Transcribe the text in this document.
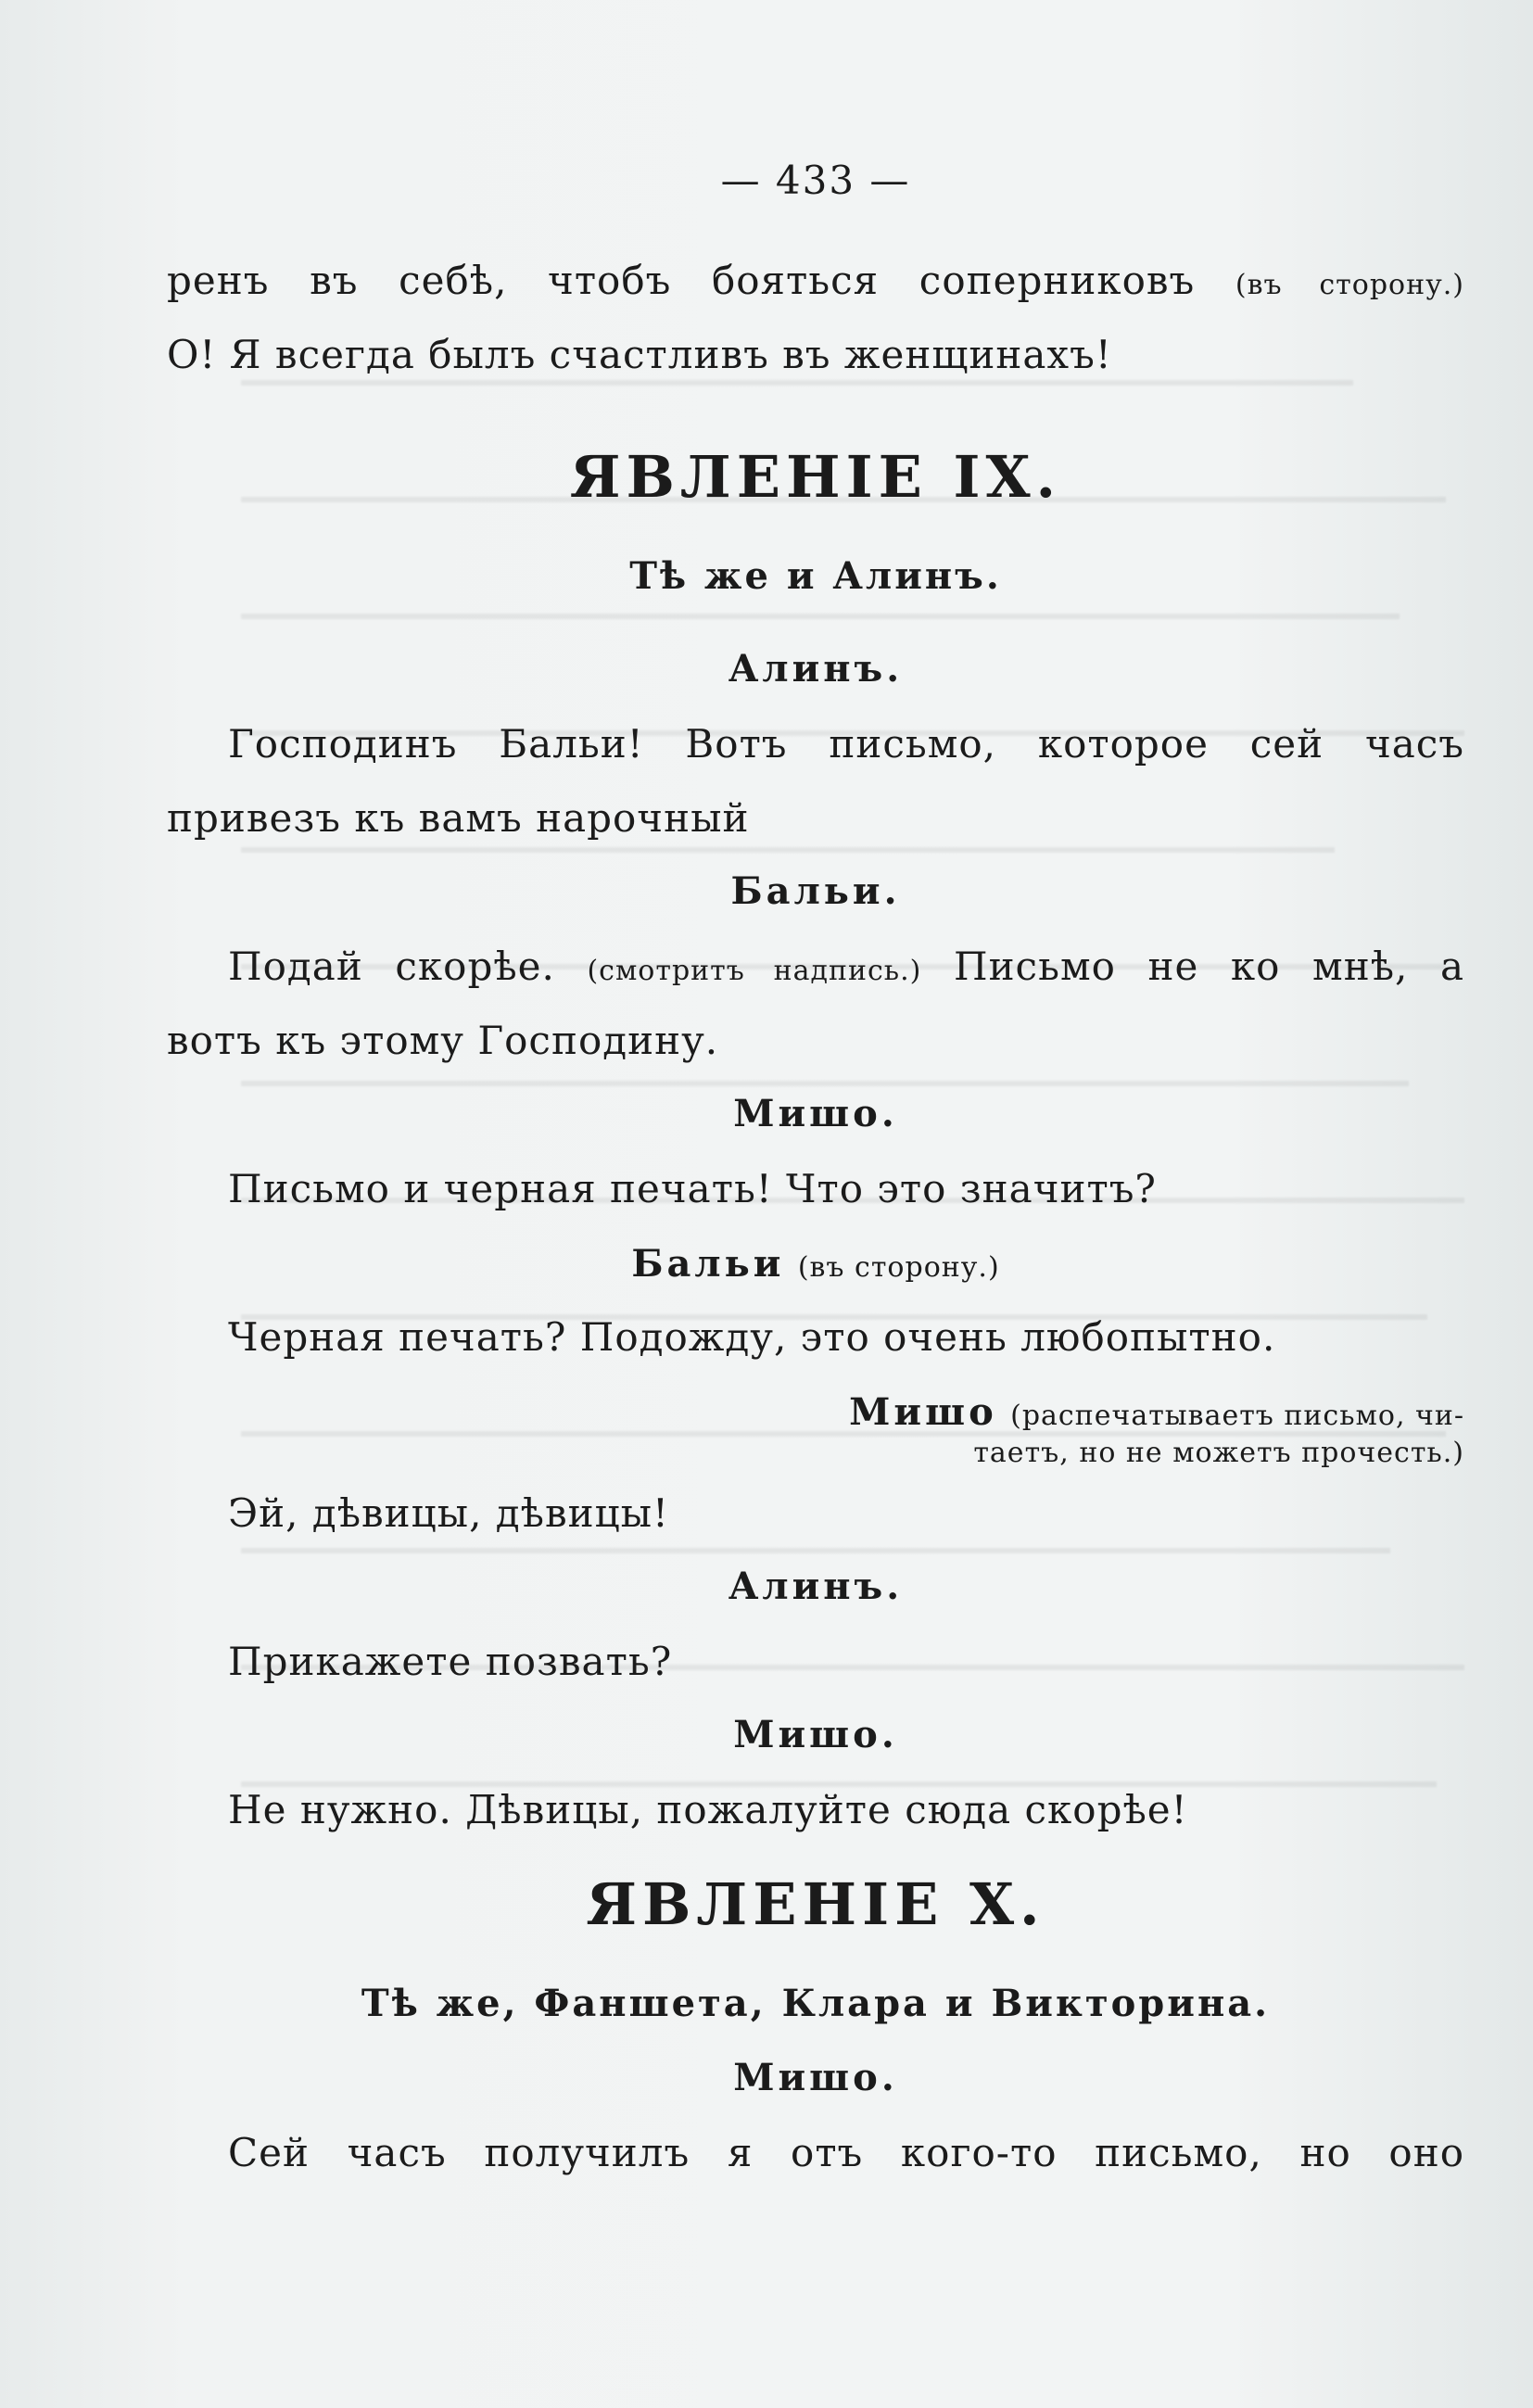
— 433 —
ренъ въ себѣ, чтобъ бояться соперниковъ (въ сторону.)
О! Я всегда былъ счастливъ въ женщинахъ!
ЯВЛЕНІЕ IX.
Тѣ же и Алинъ.
Алинъ.
Господинъ Бальи! Вотъ письмо, которое сей часъ
привезъ къ вамъ нарочный
Бальи.
Подай скорѣе. (смотритъ надпись.) Письмо не ко мнѣ, а
вотъ къ этому Господину.
Мишо.
Письмо и черная печать! Что это значитъ?
Бальи (въ сторону.)
Черная печать? Подожду, это очень любопытно.
Мишо (распечатываетъ письмо, чи-
таетъ, но не можетъ прочесть.)
Эй, дѣвицы, дѣвицы!
Алинъ.
Прикажете позвать?
Мишо.
Не нужно. Дѣвицы, пожалуйте сюда скорѣе!
ЯВЛЕНІЕ X.
Тѣ же, Фаншета, Клара и Викторина.
Мишо.
Сей часъ получилъ я отъ кого-то письмо, но оно
